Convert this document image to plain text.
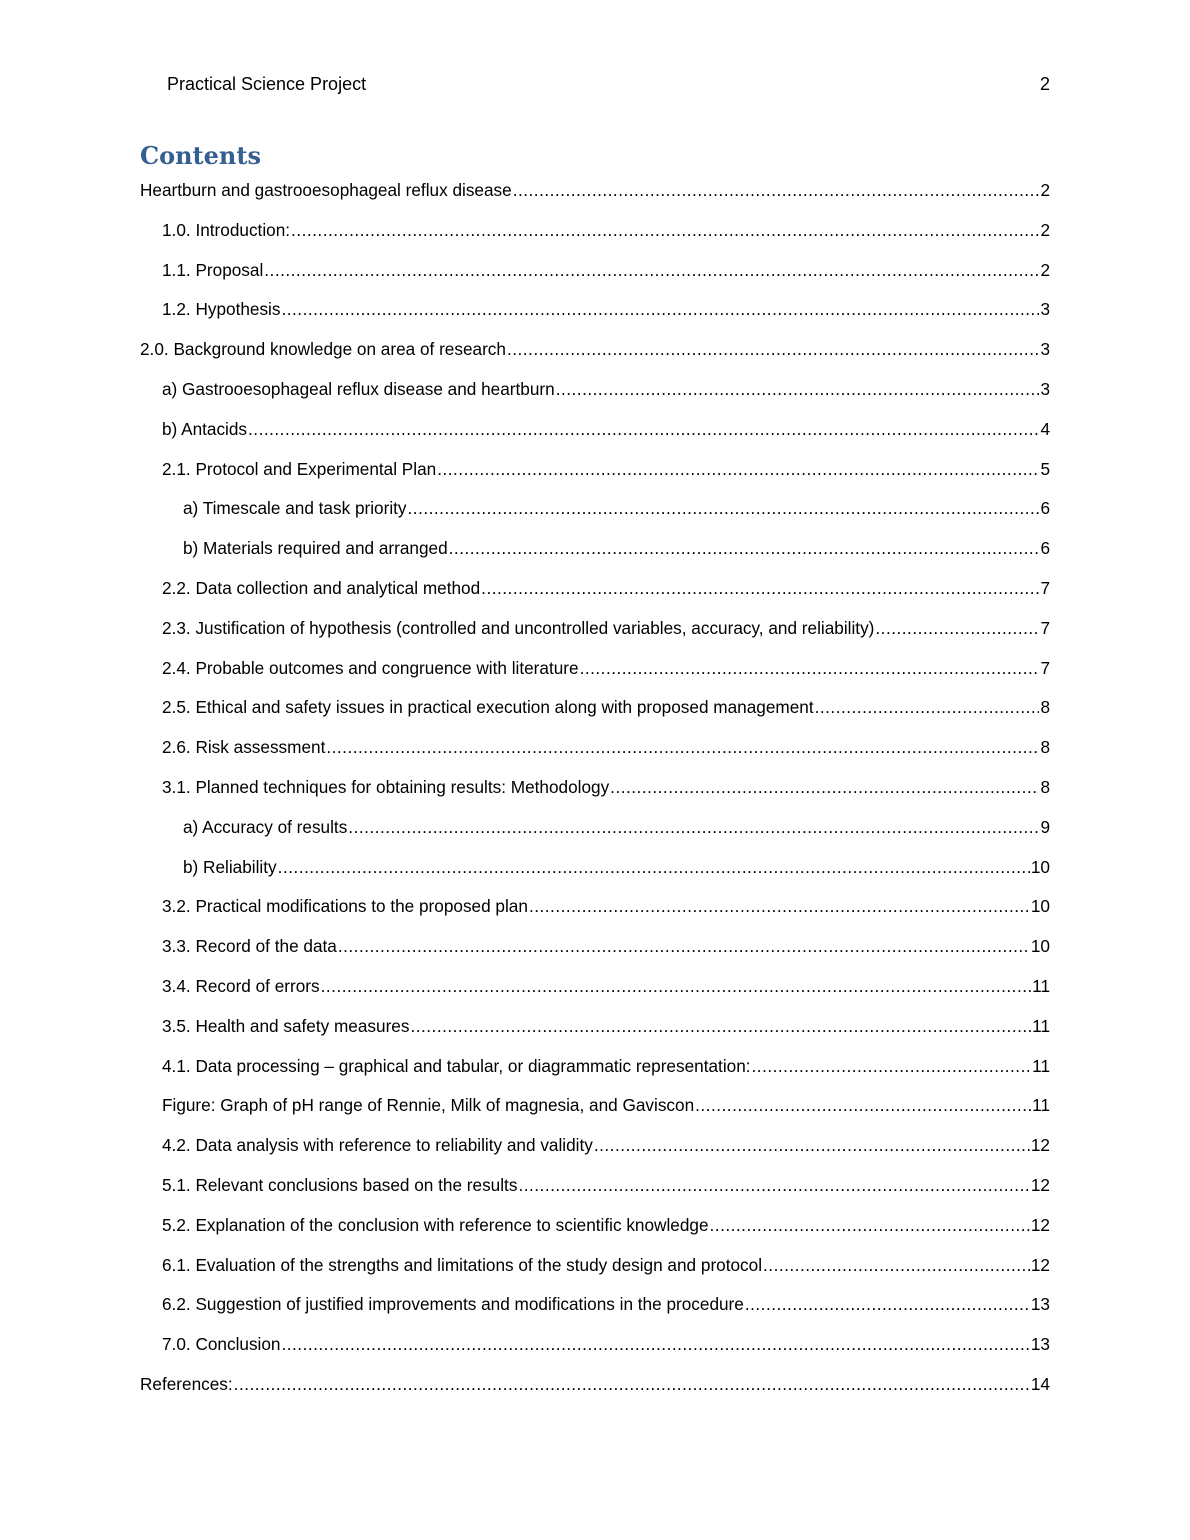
Practical Science Project	2
Contents
Heartburn and gastrooesophageal reflux disease .....	2
1.0. Introduction: .....	2
1.1. Proposal .....	2
1.2. Hypothesis .....	3
2.0. Background knowledge on area of research .....	3
a) Gastrooesophageal reflux disease and heartburn .....	3
b) Antacids .....	4
2.1. Protocol and Experimental Plan .....	5
a) Timescale and task priority .....	6
b) Materials required and arranged .....	6
2.2. Data collection and analytical method .....	7
2.3. Justification of hypothesis (controlled and uncontrolled variables, accuracy, and reliability) .....	7
2.4. Probable outcomes and congruence with literature .....	7
2.5. Ethical and safety issues in practical execution along with proposed management .....	8
2.6. Risk assessment .....	8
3.1. Planned techniques for obtaining results: Methodology .....	8
a) Accuracy of results .....	9
b) Reliability .....	10
3.2. Practical modifications to the proposed plan .....	10
3.3. Record of the data .....	10
3.4. Record of errors .....	11
3.5. Health and safety measures .....	11
4.1. Data processing – graphical and tabular, or diagrammatic representation: .....	11
Figure: Graph of pH range of Rennie, Milk of magnesia, and Gaviscon .....	11
4.2. Data analysis with reference to reliability and validity .....	12
5.1. Relevant conclusions based on the results .....	12
5.2. Explanation of the conclusion with reference to scientific knowledge .....	12
6.1. Evaluation of the strengths and limitations of the study design and protocol .....	12
6.2. Suggestion of justified improvements and modifications in the procedure .....	13
7.0. Conclusion .....	13
References: .....	14
